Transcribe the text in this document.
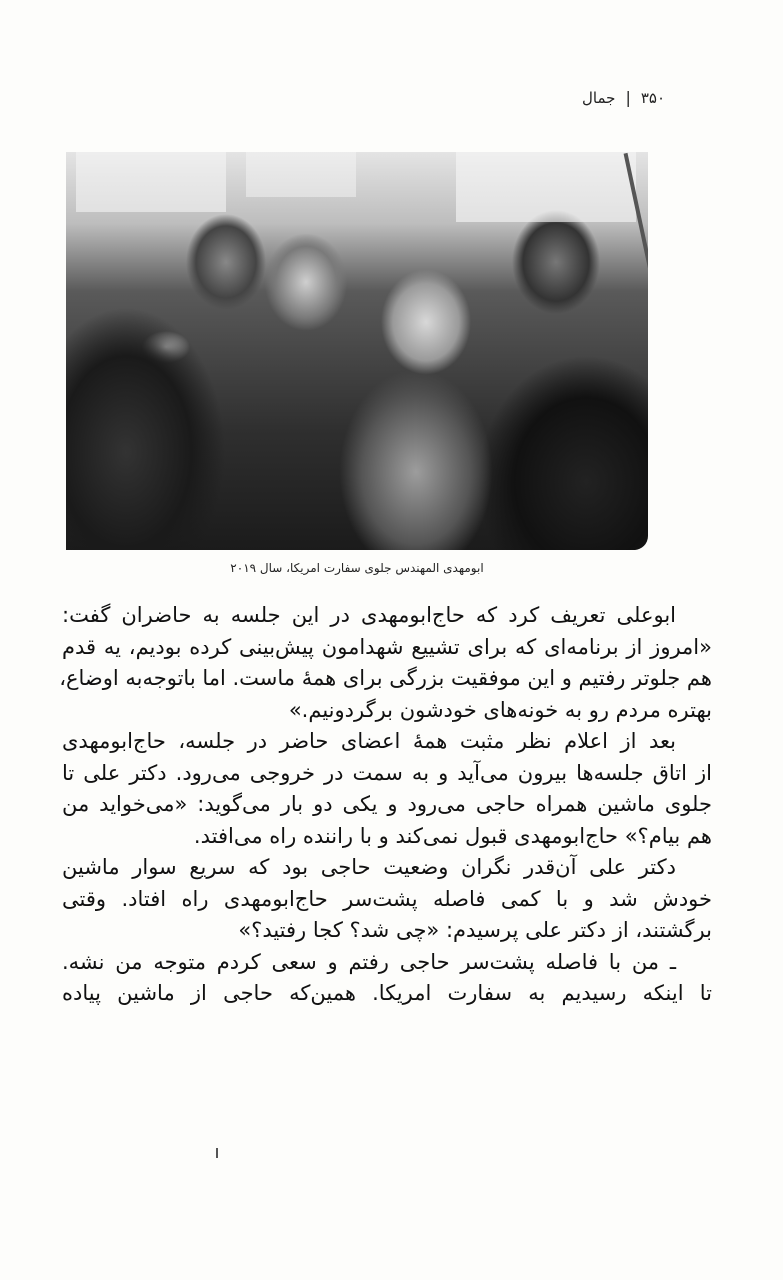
۳۵۰
|
جمال
ابومهدی المهندس جلوی سفارت امریکا، سال ۲۰۱۹
ابوعلی تعریف کرد که حاج‌ابومهدی در این جلسه به حاضران گفت:
«امروز از برنامه‌ای که برای تشییع شهدامون پیش‌بینی کرده بودیم، یه قدم
هم جلوتر رفتیم و این موفقیت بزرگی برای همهٔ ماست. اما باتوجه‌به اوضاع،
بهتره مردم رو به خونه‌های خودشون برگردونیم.»
بعد از اعلام نظر مثبت همهٔ اعضای حاضر در جلسه، حاج‌ابومهدی
از اتاق جلسه‌ها بیرون می‌آید و به سمت در خروجی می‌رود. دکتر علی تا
جلوی ماشین همراه حاجی می‌رود و یکی دو بار می‌گوید: «می‌خواید من
هم بیام؟» حاج‌ابومهدی قبول نمی‌کند و با راننده راه می‌افتد.
دکتر علی آن‌قدر نگران وضعیت حاجی بود که سریع سوار ماشین
خودش شد و با کمی فاصله پشت‌سر حاج‌ابومهدی راه افتاد. وقتی
برگشتند، از دکتر علی پرسیدم: «چی شد؟ کجا رفتید؟»
ـ من با فاصله پشت‌سر حاجی رفتم و سعی کردم متوجه من نشه.
تا اینکه رسیدیم به سفارت امریکا. همین‌که حاجی از ماشین پیاده
